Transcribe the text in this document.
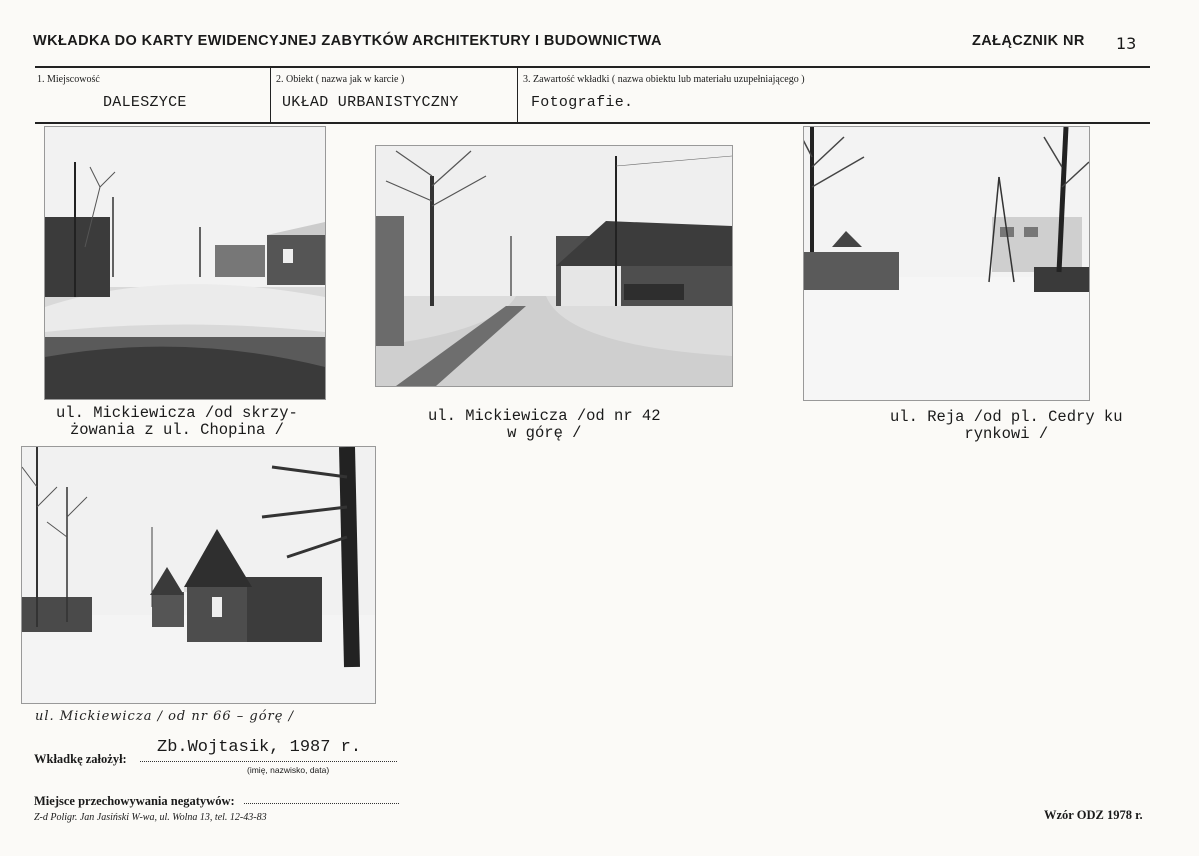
WKŁADKA DO KARTY EWIDENCYJNEJ ZABYTKÓW ARCHITEKTURY I BUDOWNICTWA	ZAŁĄCZNIK NR 13
1. Miejscowość
DALESZYCE
2. Obiekt ( nazwa jak w karcie )
UKŁAD URBANISTYCZNY
3. Zawartość wkładki ( nazwa obiektu lub materiału uzupełniającego )
Fotografie.
ul. Mickiewicza /od skrzy-
żowania z ul. Chopina /
ul. Mickiewicza /od nr 42
w górę /
ul. Reja /od pl. Cedry ku
rynkowi /
ul. Mickiewicza / od nr 66 – górę /
Wkładkę założył:
Zb.Wojtasik, 1987 r.
(imię, nazwisko, data)
Miejsce przechowywania negatywów:
Z-d Poligr. Jan Jasiński W-wa, ul. Wolna 13, tel. 12-43-83	Wzór ODZ 1978 r.
